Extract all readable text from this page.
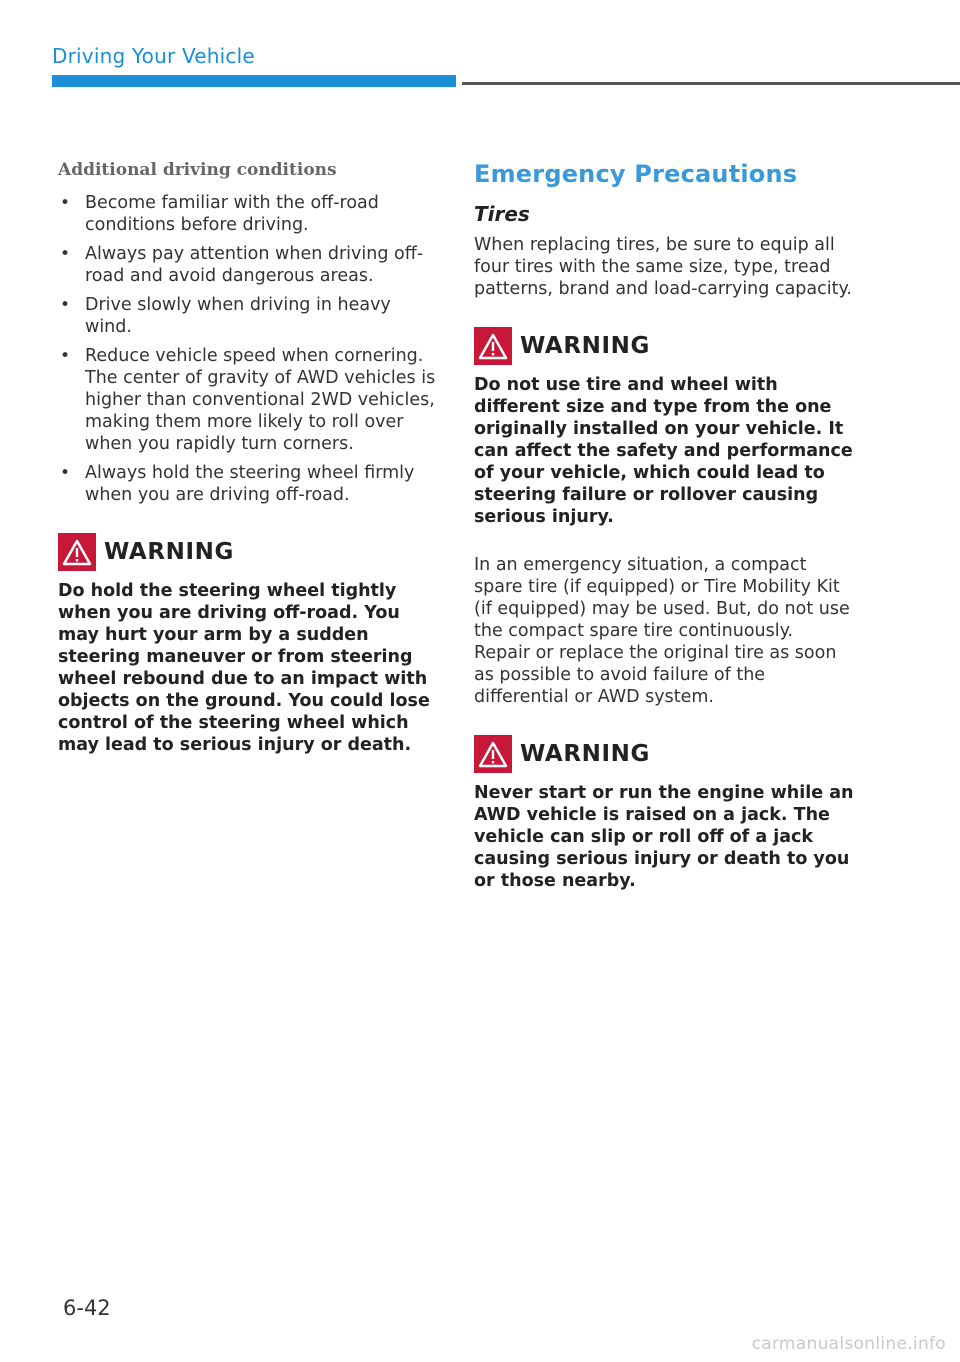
Driving Your Vehicle
Additional driving conditions
• Become familiar with the off-road conditions before driving.
• Always pay attention when driving off-road and avoid dangerous areas.
• Drive slowly when driving in heavy wind.
• Reduce vehicle speed when cornering. The center of gravity of AWD vehicles is higher than conventional 2WD vehicles, making them more likely to roll over when you rapidly turn corners.
• Always hold the steering wheel firmly when you are driving off-road.
WARNING
Do hold the steering wheel tightly when you are driving off-road. You may hurt your arm by a sudden steering maneuver or from steering wheel rebound due to an impact with objects on the ground. You could lose control of the steering wheel which may lead to serious injury or death.
Emergency Precautions
Tires

When replacing tires, be sure to equip all four tires with the same size, type, tread patterns, brand and load-carrying capacity.

WARNING
Do not use tire and wheel with different size and type from the one originally installed on your vehicle. It can affect the safety and performance of your vehicle, which could lead to steering failure or rollover causing serious injury.

In an emergency situation, a compact spare tire (if equipped) or Tire Mobility Kit (if equipped) may be used. But, do not use the compact spare tire continuously. Repair or replace the original tire as soon as possible to avoid failure of the differential or AWD system.

WARNING
Never start or run the engine while an AWD vehicle is raised on a jack. The vehicle can slip or roll off of a jack causing serious injury or death to you or those nearby.
6-42
carmanualsonline.info
